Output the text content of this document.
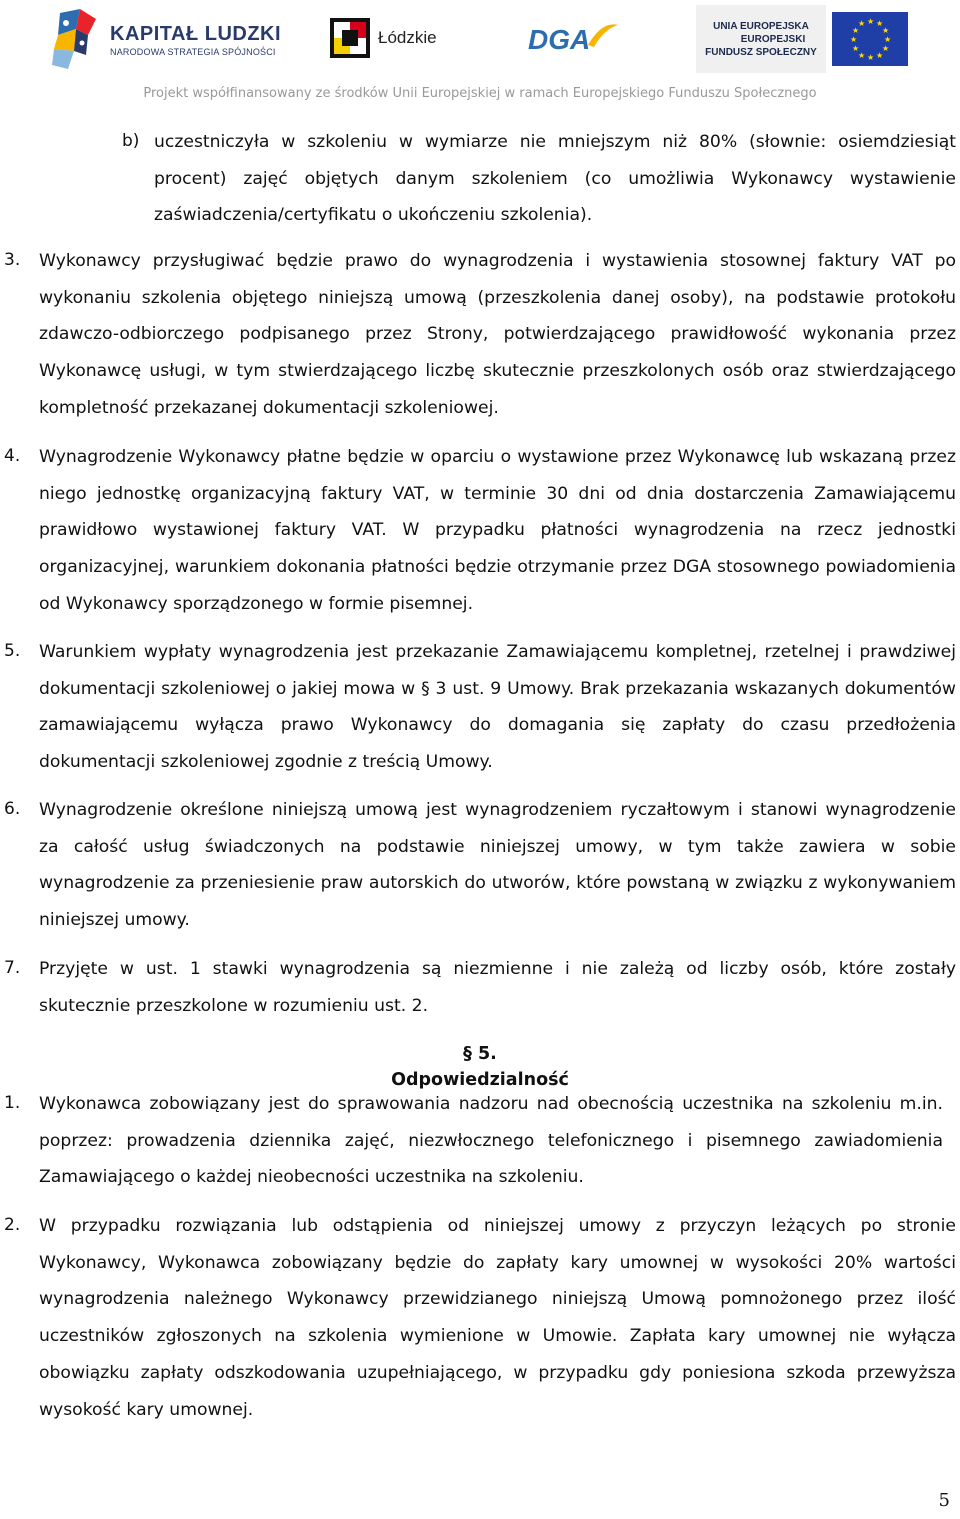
KAPITAŁ LUDZKI
NARODOWA STRATEGIA SPÓJNOŚCI
Łódzkie	DGA	UNIA EUROPEJSKA
EUROPEJSKI
FUNDUSZ SPOŁECZNY
★ ★
★
★
★
★
★
★
★
★
★
★
Projekt współfinansowany ze środków Unii Europejskiej w ramach Europejskiego Funduszu Społecznego
b) uczestniczyła w szkoleniu w wymiarze nie mniejszym niż 80% (słownie: osiemdziesiąt procent) zajęć objętych danym szkoleniem (co umożliwia Wykonawcy wystawienie zaświadczenia/certyfikatu o ukończeniu szkolenia).
3. Wykonawcy przysługiwać będzie prawo do wynagrodzenia i wystawienia stosownej faktury VAT po wykonaniu szkolenia objętego niniejszą umową (przeszkolenia danej osoby), na podstawie protokołu zdawczo-odbiorczego podpisanego przez Strony, potwierdzającego prawidłowość wykonania przez Wykonawcę usługi, w tym stwierdzającego liczbę skutecznie przeszkolonych osób oraz stwierdzającego kompletność przekazanej dokumentacji szkoleniowej.
4. Wynagrodzenie Wykonawcy płatne będzie w oparciu o wystawione przez Wykonawcę lub wskazaną przez niego jednostkę organizacyjną faktury VAT, w terminie 30 dni od dnia dostarczenia Zamawiającemu prawidłowo wystawionej faktury VAT. W przypadku płatności wynagrodzenia na rzecz jednostki organizacyjnej, warunkiem dokonania płatności będzie otrzymanie przez DGA stosownego powiadomienia od Wykonawcy sporządzonego w formie pisemnej.
5. Warunkiem wypłaty wynagrodzenia jest przekazanie Zamawiającemu kompletnej, rzetelnej i prawdziwej dokumentacji szkoleniowej o jakiej mowa w § 3 ust. 9 Umowy. Brak przekazania wskazanych dokumentów zamawiającemu wyłącza prawo Wykonawcy do domagania się zapłaty do czasu przedłożenia dokumentacji szkoleniowej zgodnie z treścią Umowy.
6. Wynagrodzenie określone niniejszą umową jest wynagrodzeniem ryczałtowym i stanowi wynagrodzenie za całość usług świadczonych na podstawie niniejszej umowy, w tym także zawiera w sobie wynagrodzenie za przeniesienie praw autorskich do utworów, które powstaną w związku z wykonywaniem niniejszej umowy.
7. Przyjęte w ust. 1 stawki wynagrodzenia są niezmienne i nie zależą od liczby osób, które zostały skutecznie przeszkolone w rozumieniu ust. 2.
§ 5.
Odpowiedzialność
1. Wykonawca zobowiązany jest do sprawowania nadzoru nad obecnością uczestnika na szkoleniu m.in. poprzez: prowadzenia dziennika zajęć, niezwłocznego telefonicznego i pisemnego zawiadomienia Zamawiającego o każdej nieobecności uczestnika na szkoleniu.
2. W przypadku rozwiązania lub odstąpienia od niniejszej umowy z przyczyn leżących po stronie Wykonawcy, Wykonawca zobowiązany będzie do zapłaty kary umownej w wysokości 20% wartości wynagrodzenia należnego Wykonawcy przewidzianego niniejszą Umową pomnożonego przez ilość uczestników zgłoszonych na szkolenia wymienione w Umowie. Zapłata kary umownej nie wyłącza obowiązku zapłaty odszkodowania uzupełniającego, w przypadku gdy poniesiona szkoda przewyższa wysokość kary umownej.
5
